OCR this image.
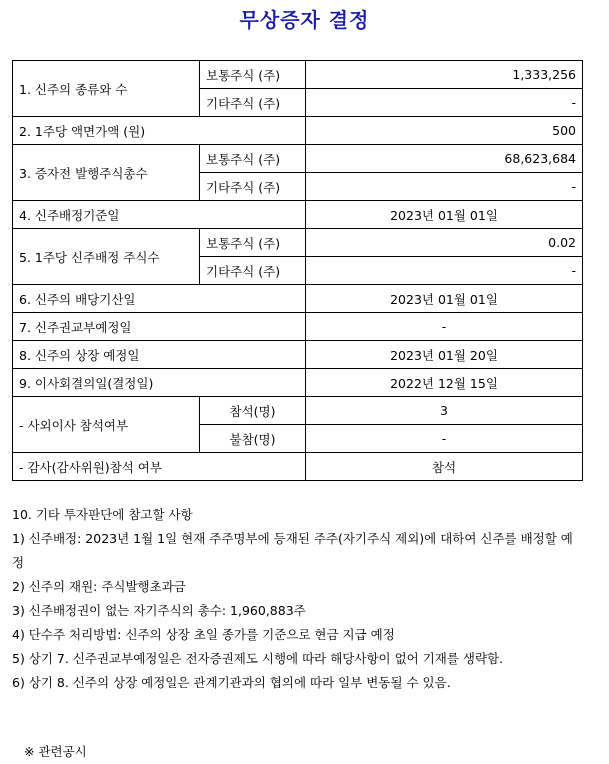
무상증자 결정
1. 신주의 종류와 수	보통주식 (주)	1,333,256
	기타주식 (주)	-
2. 1주당 액면가액 (원)		500
3. 증자전 발행주식총수	보통주식 (주)	68,623,684
	기타주식 (주)	-
4. 신주배정기준일		2023년 01월 01일
5. 1주당 신주배정 주식수	보통주식 (주)	0.02
	기타주식 (주)	-
6. 신주의 배당기산일		2023년 01월 01일
7. 신주권교부예정일		-
8. 신주의 상장 예정일		2023년 01월 20일
9. 이사회결의일(결정일)		2022년 12월 15일
- 사외이사 참석여부	참석(명)	3
	불참(명)	-
- 감사(감사위원)참석 여부		참석

10. 기타 투자판단에 참고할 사항

1) 신주배정: 2023년 1월 1일 현재 주주명부에 등재된 주주(자기주식 제외)에 대하여 신주를 배정할 예정

2) 신주의 재원: 주식발행초과금

3) 신주배정권이 없는 자기주식의 총수: 1,960,883주

4) 단수주 처리방법: 신주의 상장 초일 종가를 기준으로 현금 지급 예정

5) 상기 7. 신주권교부예정일은 전자증권제도 시행에 따라 해당사항이 없어 기재를 생략함.

6) 상기 8. 신주의 상장 예정일은 관계기관과의 협의에 따라 일부 변동될 수 있음.

※ 관련공시
